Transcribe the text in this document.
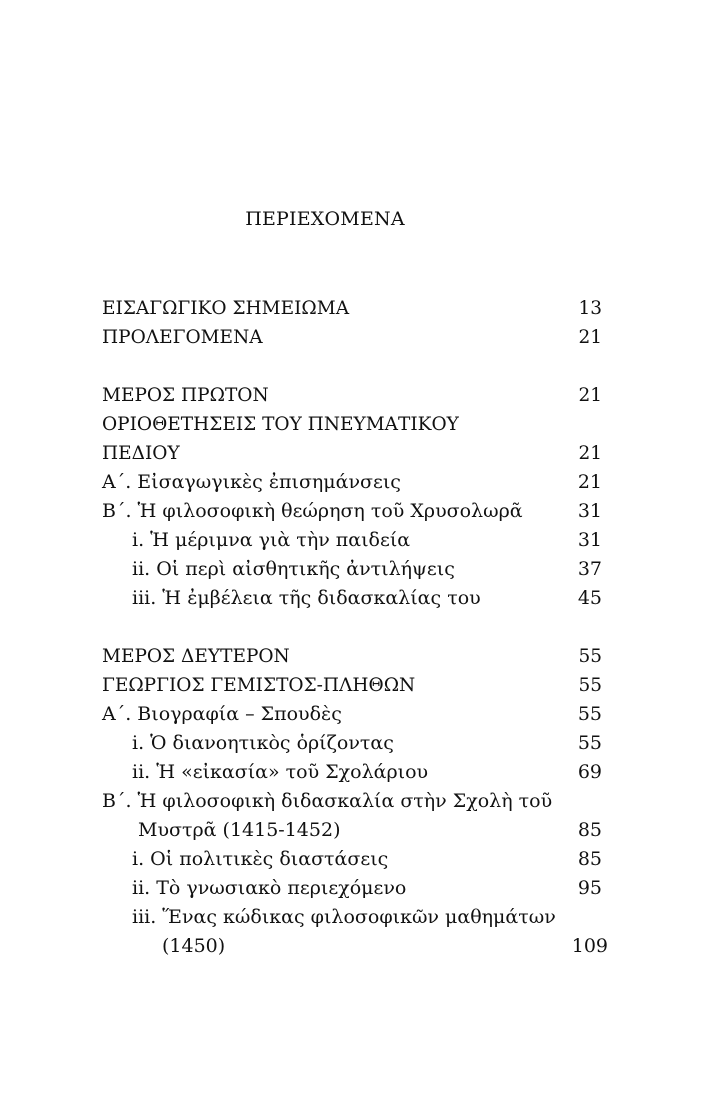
ΠΕΡΙΕΧΟΜΕΝΑ
ΕΙΣΑΓΩΓΙΚΟ ΣΗΜΕΙΩΜΑ	13
ΠΡΟΛΕΓΟΜΕΝΑ	21
ΜΕΡΟΣ ΠΡΩΤΟΝ	21
ΟΡΙΟΘΕΤΗΣΕΙΣ ΤΟΥ ΠΝΕΥΜΑΤΙΚΟΥ
ΠΕΔΙΟΥ	21
Α΄. Εἰσαγωγικὲς ἐπισημάνσεις	21
Β΄. Ἡ φιλοσοφικὴ θεώρηση τοῦ Χρυσολωρᾶ	31
i. Ἡ μέριμνα γιὰ τὴν παιδεία	31
ii. Οἱ περὶ αἰσθητικῆς ἀντιλήψεις	37
iii. Ἡ ἐμβέλεια τῆς διδασκαλίας του	45
ΜΕΡΟΣ ΔΕΥΤΕΡΟΝ	55
ΓΕΩΡΓΙΟΣ ΓΕΜΙΣΤΟΣ-ΠΛΗΘΩΝ	55
Α΄. Βιογραφία – Σπουδὲς	55
i. Ὁ διανοητικὸς ὁρίζοντας	55
ii. Ἡ «εἰκασία» τοῦ Σχολάριου	69
Β΄. Ἡ φιλοσοφικὴ διδασκαλία στὴν Σχολὴ τοῦ
Μυστρᾶ (1415-1452)	85
i. Οἱ πολιτικὲς διαστάσεις	85
ii. Τὸ γνωσιακὸ περιεχόμενο	95
iii. Ἕνας κώδικας φιλοσοφικῶν μαθημάτων
(1450)	109
